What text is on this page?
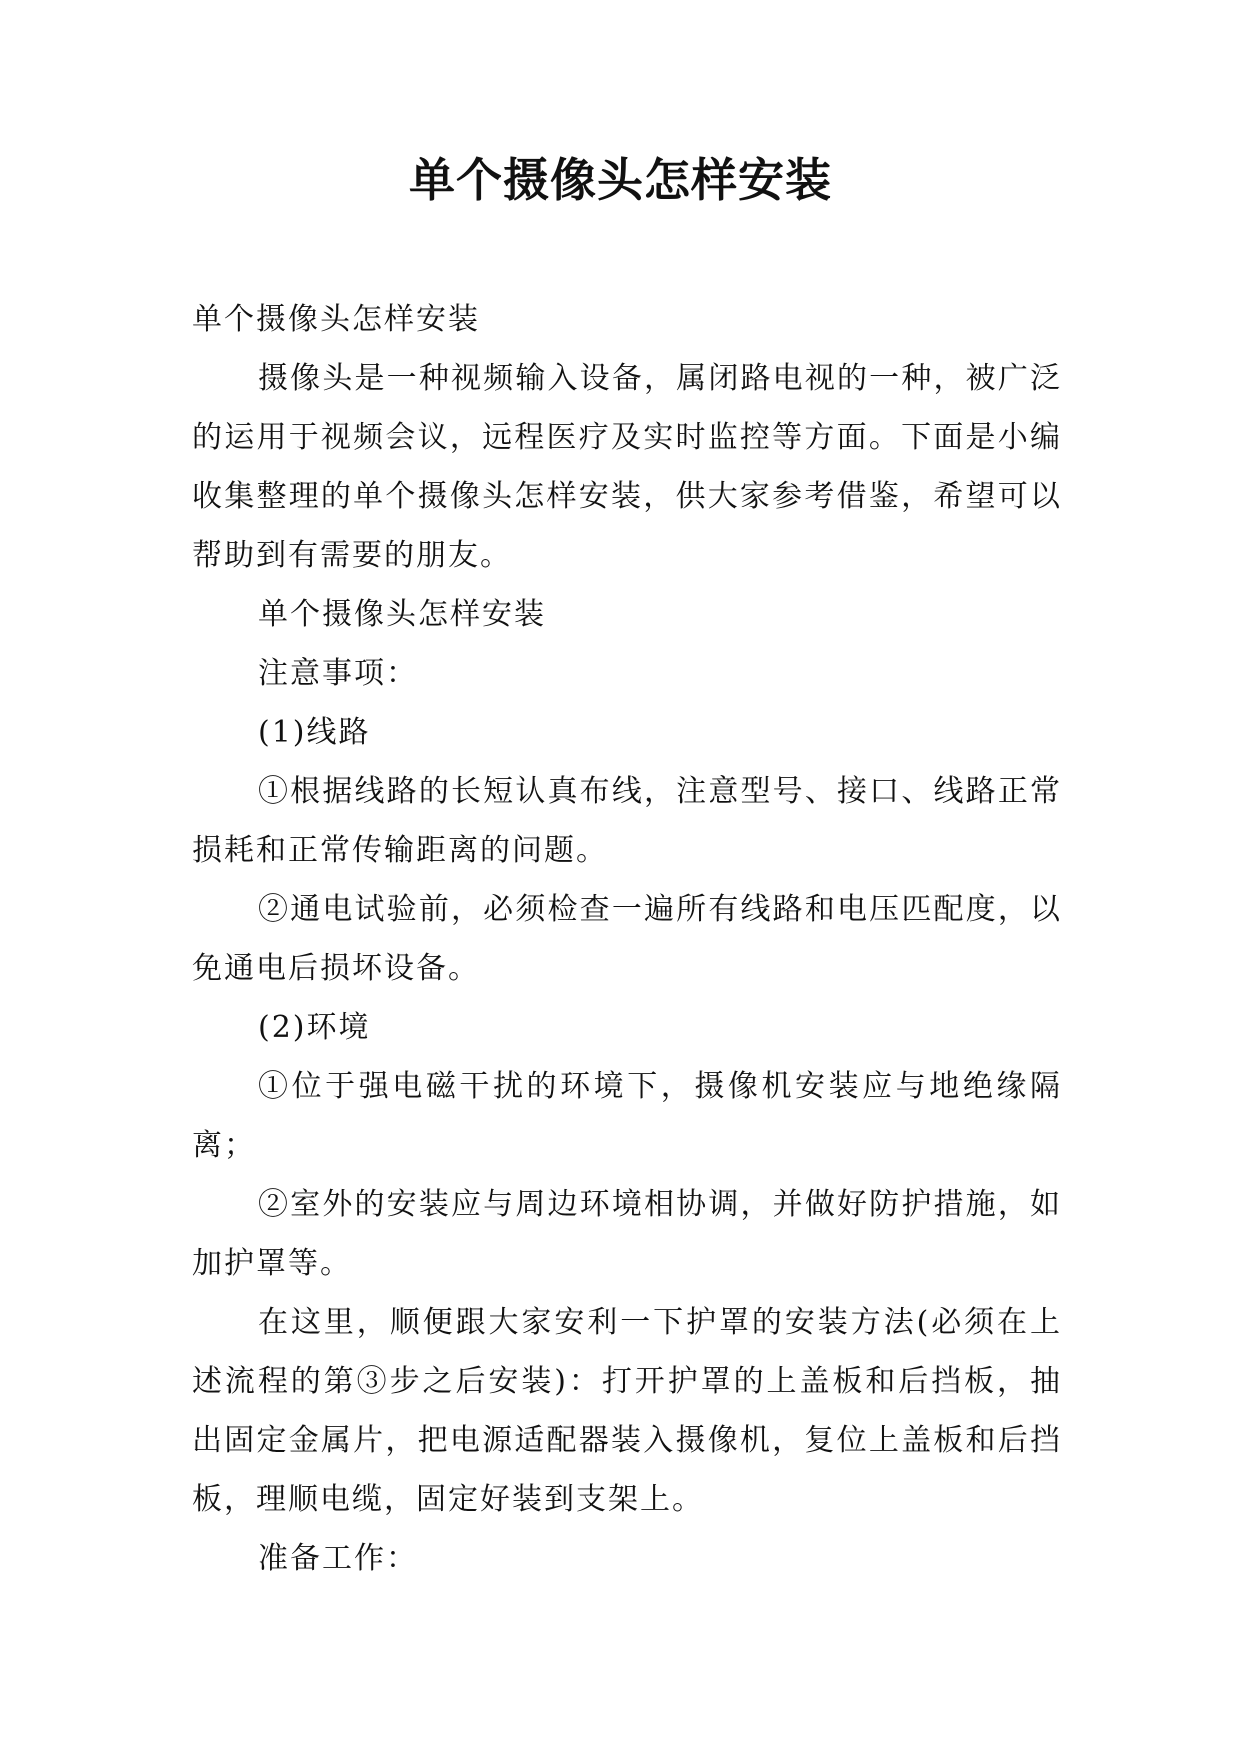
单个摄像头怎样安装

单个摄像头怎样安装

摄像头是一种视频输入设备，属闭路电视的一种，被广泛的运用于视频会议，远程医疗及实时监控等方面。下面是小编收集整理的单个摄像头怎样安装，供大家参考借鉴，希望可以帮助到有需要的朋友。

单个摄像头怎样安装

注意事项：

(1)线路

①根据线路的长短认真布线，注意型号、接口、线路正常损耗和正常传输距离的问题。

②通电试验前，必须检查一遍所有线路和电压匹配度，以免通电后损坏设备。

(2)环境

①位于强电磁干扰的环境下，摄像机安装应与地绝缘隔离；

②室外的安装应与周边环境相协调，并做好防护措施，如加护罩等。

在这里，顺便跟大家安利一下护罩的安装方法(必须在上述流程的第③步之后安装)：打开护罩的上盖板和后挡板，抽出固定金属片，把电源适配器装入摄像机，复位上盖板和后挡板，理顺电缆，固定好装到支架上。

准备工作：
